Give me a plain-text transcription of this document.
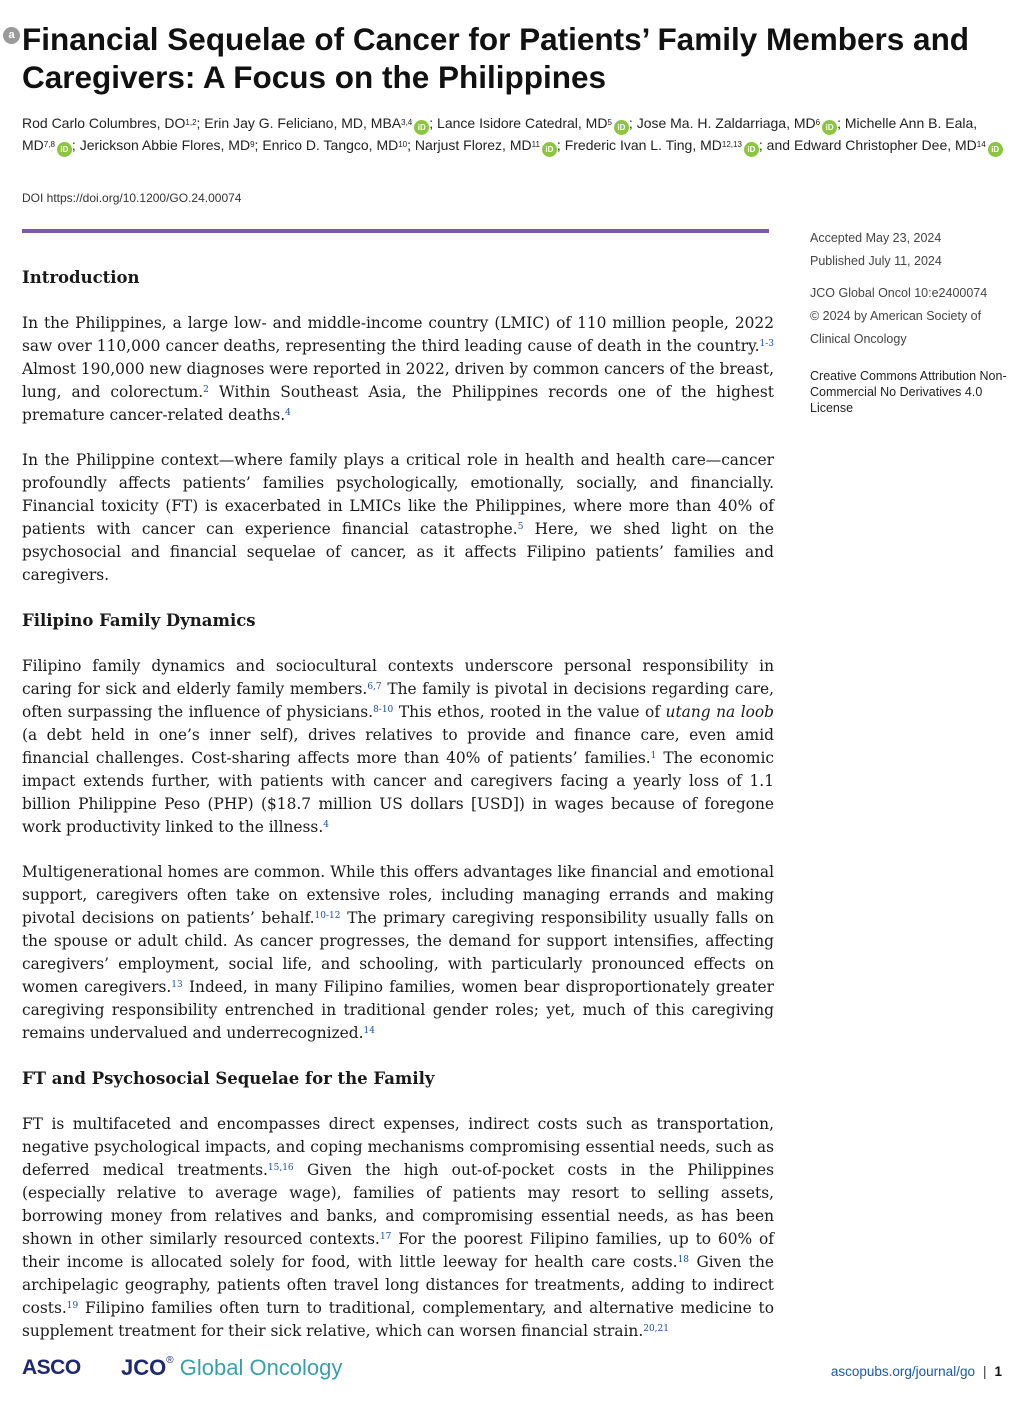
a Financial Sequelae of Cancer for Patients’ Family Members and Caregivers: A Focus on the Philippines
Rod Carlo Columbres, DO$^{1,2}$; Erin Jay G. Feliciano, MD, MBA$^{3,4}$iD ; Lance Isidore Catedral, $MD^5iD$ ; Jose Ma. H. Zaldarriaga, $MD^6iD$ ; Michelle Ann B. Eala, MD$^{7,8}$iD ; Jerickson Abbie Flores, $MD^9$; Enrico D. Tangco, MD$^{10}$; Narjust Florez, MD$^{11}$iD ; Frederic Ivan L. Ting, MD$^{12,13}$iD ; and Edward Christopher Dee, MD$^{14}$iD
DOI https://doi.org/10.1200/GO.24.00074
Accepted May 23, 2024
Published July 11, 2024
JCO Global Oncol 10:e2400074
© 2024 by American Society of Clinical Oncology
Creative Commons Attribution Non-Commercial No Derivatives 4.0 License
Introduction

In the Philippines, a large low- and middle-income country (LMIC) of 110 million people, 2022 saw over 110,000 cancer deaths, representing the third leading cause of death in the country.$^{1-3}$ Almost 190,000 new diagnoses were reported in 2022, driven by common cancers of the breast, lung, and colorectum.$^2$ Within Southeast Asia, the Philippines records one of the highest premature cancer-related deaths.$^4$

In the Philippine context—where family plays a critical role in health and health care—cancer profoundly affects patients’ families psychologically, emotionally, socially, and financially. Financial toxicity (FT) is exacerbated in LMICs like the Philippines, where more than 40% of patients with cancer can experience financial catastrophe.$^5$ Here, we shed light on the psychosocial and financial sequelae of cancer, as it affects Filipino patients’ families and caregivers.

Filipino Family Dynamics

Filipino family dynamics and sociocultural contexts underscore personal responsibility in caring for sick and elderly family members.$^{6,7}$ The family is pivotal in decisions regarding care, often surpassing the influence of physicians.$^{8-10}$ This ethos, rooted in the value of utang na loob (a debt held in one’s inner self), drives relatives to provide and finance care, even amid financial challenges. Cost-sharing affects more than 40% of patients’ families.$^1$ The economic impact extends further, with patients with cancer and caregivers facing a yearly loss of 1.1 billion Philippine Peso (PHP) ($18.7 million US dollars [USD]) in wages because of foregone work productivity linked to the illness.$^4$

Multigenerational homes are common. While this offers advantages like financial and emotional support, caregivers often take on extensive roles, including managing errands and making pivotal decisions on patients’ behalf.$^{10-12}$ The primary caregiving responsibility usually falls on the spouse or adult child. As cancer progresses, the demand for support intensifies, affecting caregivers’ employment, social life, and schooling, with particularly pronounced effects on women caregivers.$^{13}$ Indeed, in many Filipino families, women bear disproportionately greater caregiving responsibility entrenched in traditional gender roles; yet, much of this caregiving remains undervalued and underrecognized.$^{14}$

FT and Psychosocial Sequelae for the Family

FT is multifaceted and encompasses direct expenses, indirect costs such as transportation, negative psychological impacts, and coping mechanisms compromising essential needs, such as deferred medical treatments.$^{15,16}$ Given the high out-of-pocket costs in the Philippines (especially relative to average wage), families of patients may resort to selling assets, borrowing money from relatives and banks, and compromising essential needs, as has been shown in other similarly resourced contexts.$^{17}$ For the poorest Filipino families, up to 60% of their income is allocated solely for food, with little leeway for health care costs.$^{18}$ Given the archipelagic geography, patients often travel long distances for treatments, adding to indirect costs.$^{19}$ Filipino families often turn to traditional, complementary, and alternative medicine to supplement treatment for their sick relative, which can worsen financial strain.$^{20,21}$

ASCO JCO® Global Oncology	ascopubs.org/journal/go | 1
